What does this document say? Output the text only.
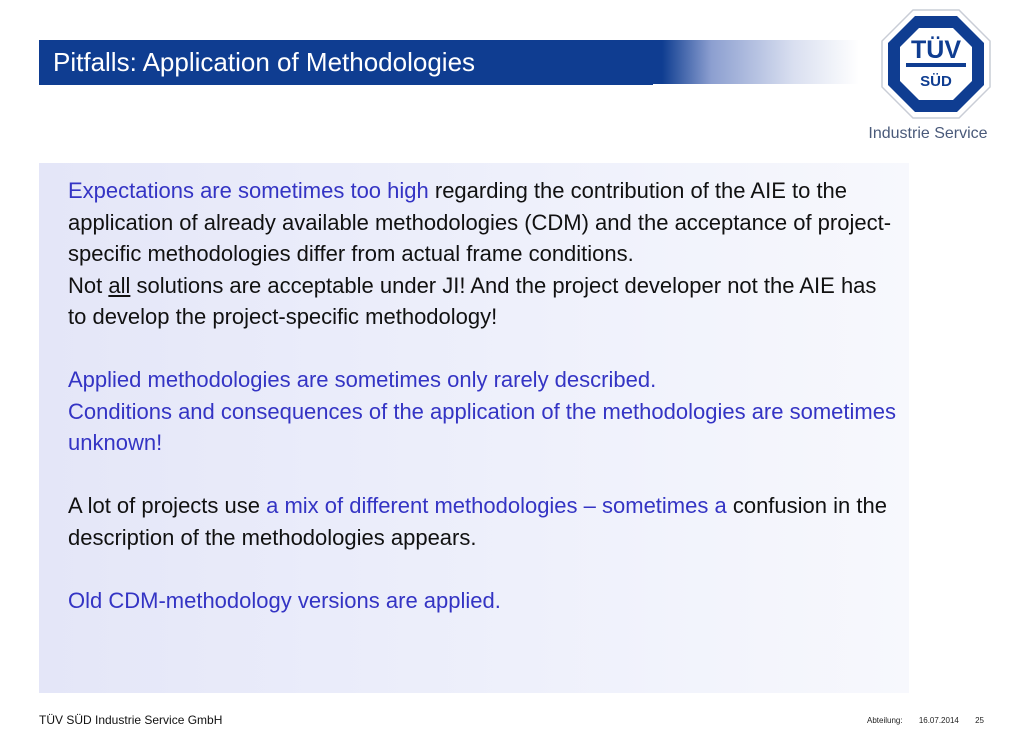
Pitfalls: Application of Methodologies	TÜV
SÜD
Industrie Service

Expectations are sometimes too high regarding the contribution of the AIE to the application of already available methodologies (CDM) and the acceptance of project-specific methodologies differ from actual frame conditions.

Not all solutions are acceptable under JI! And the project developer not the AIE has to develop the project-specific methodology!

Applied methodologies are sometimes only rarely described.

Conditions and consequences of the application of the methodologies are sometimes unknown!

A lot of projects use a mix of different methodologies – sometimes a confusion in the description of the methodologies appears.

Old CDM-methodology versions are applied.

TÜV SÜD Industrie Service GmbH	Abteilung: 16.07.2014 25
